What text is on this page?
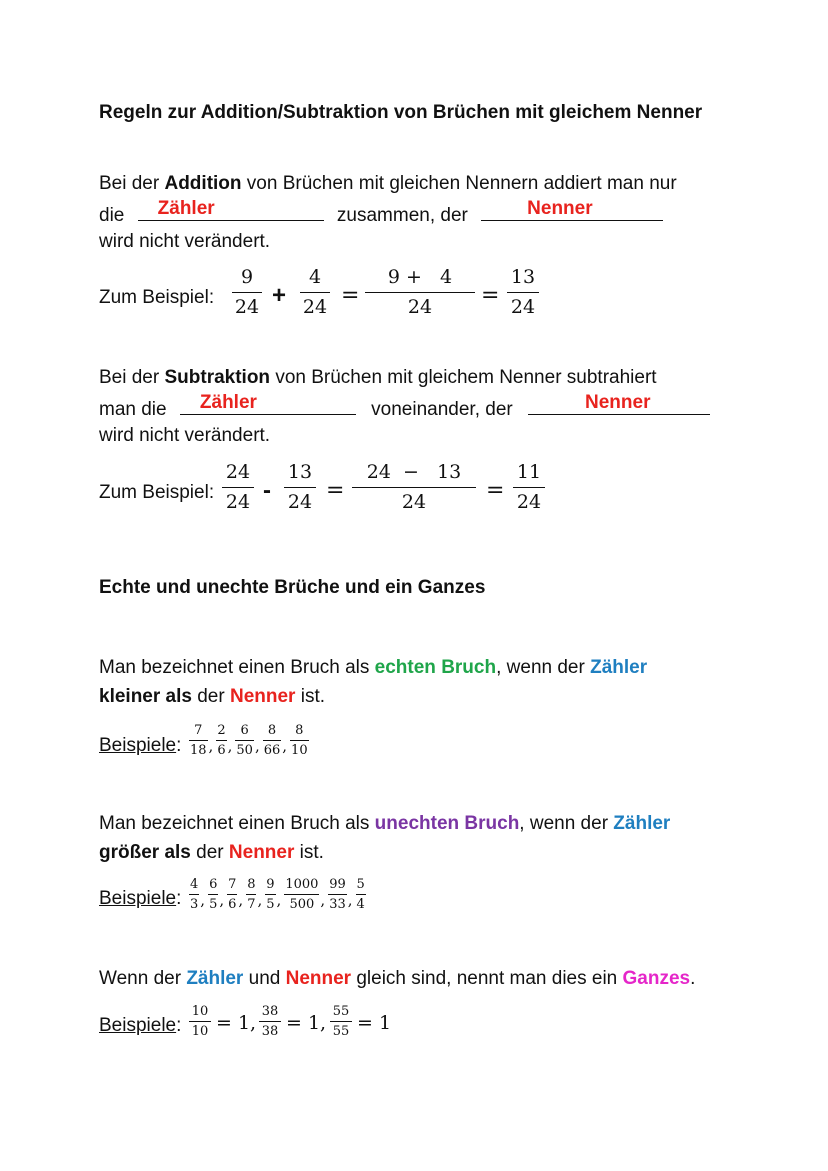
Regeln zur Addition/Subtraktion von Brüchen mit gleichem Nenner
Bei der Addition von Brüchen mit gleichen Nennern addiert man nur
die Zähler	zusammen, der	Nenner
wird nicht verändert.
Zum Beispiel:
9
24 +
4
24 =
9 + 4
24	=
13
24
Bei der Subtraktion von Brüchen mit gleichem Nenner subtrahiert
man die Zähler	voneinander, der	Nenner
wird nicht verändert.
Zum Beispiel:
24
24 -
13
24 =
24 − 13
24	=
11
24
Echte und unechte Brüche und ein Ganzes
Man bezeichnet einen Bruch als echten Bruch, wenn der Zähler
kleiner als der Nenner ist.
Beispiele:
7
18 ,
2
6 ,
6
50 ,
8
66 ,
8
10
Man bezeichnet einen Bruch als unechten Bruch, wenn der Zähler
größer als der Nenner ist.
Beispiele:
4
3 ,
6
5 ,
7
6 ,
8
7 ,
9
5 ,
1000
500 ,
99
33 ,
5
4
Wenn der Zähler und Nenner gleich sind, nennt man dies ein Ganzes.
Beispiele:
10
10 = 1,
38
38 = 1,
55
55 = 1
